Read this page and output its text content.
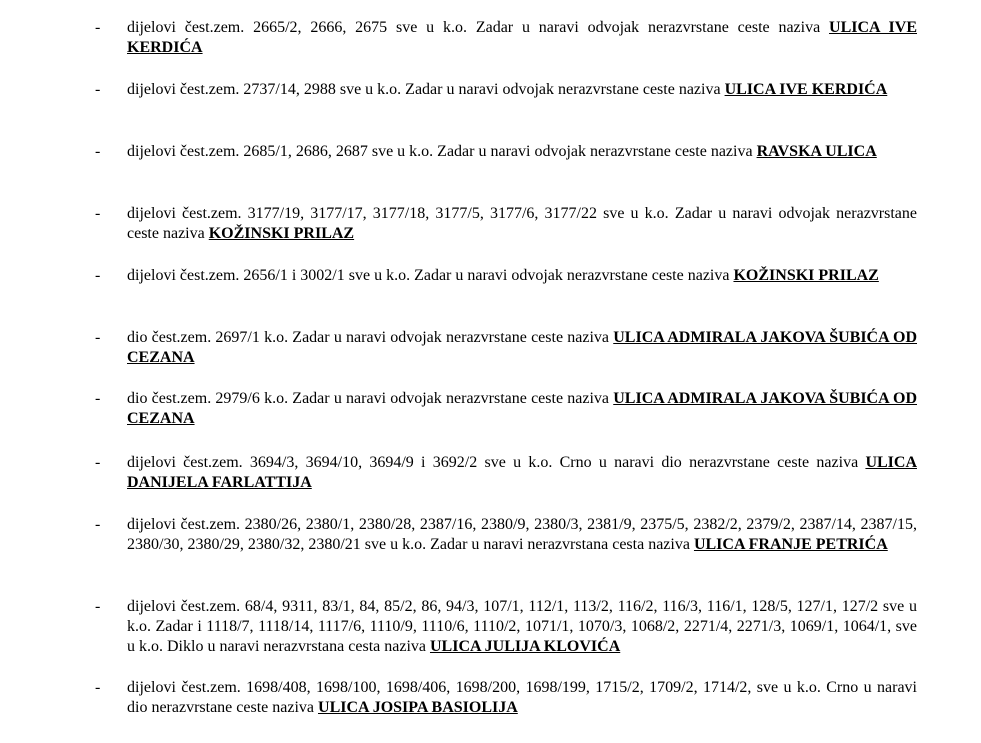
- dijelovi čest.zem. 2665/2, 2666, 2675 sve u k.o. Zadar u naravi odvojak nerazvrstane ceste naziva ULICA IVE KERDIĆA
- dijelovi čest.zem. 2737/14, 2988 sve u k.o. Zadar u naravi odvojak nerazvrstane ceste naziva ULICA IVE KERDIĆA
- dijelovi čest.zem. 2685/1, 2686, 2687 sve u k.o. Zadar u naravi odvojak nerazvrstane ceste naziva RAVSKA ULICA
- dijelovi čest.zem. 3177/19, 3177/17, 3177/18, 3177/5, 3177/6, 3177/22 sve u k.o. Zadar u naravi odvojak nerazvrstane ceste naziva KOŽINSKI PRILAZ
- dijelovi čest.zem. 2656/1 i 3002/1 sve u k.o. Zadar u naravi odvojak nerazvrstane ceste naziva KOŽINSKI PRILAZ
- dio čest.zem. 2697/1 k.o. Zadar u naravi odvojak nerazvrstane ceste naziva ULICA ADMIRALA JAKOVA ŠUBIĆA OD CEZANA
- dio čest.zem. 2979/6 k.o. Zadar u naravi odvojak nerazvrstane ceste naziva ULICA ADMIRALA JAKOVA ŠUBIĆA OD CEZANA
- dijelovi čest.zem. 3694/3, 3694/10, 3694/9 i 3692/2 sve u k.o. Crno u naravi dio nerazvrstane ceste naziva ULICA DANIJELA FARLATTIJA
- dijelovi čest.zem. 2380/26, 2380/1, 2380/28, 2387/16, 2380/9, 2380/3, 2381/9, 2375/5, 2382/2, 2379/2, 2387/14, 2387/15, 2380/30, 2380/29, 2380/32, 2380/21 sve u k.o. Zadar u naravi nerazvrstana cesta naziva ULICA FRANJE PETRIĆA
- dijelovi čest.zem. 68/4, 9311, 83/1, 84, 85/2, 86, 94/3, 107/1, 112/1, 113/2, 116/2, 116/3, 116/1, 128/5, 127/1, 127/2 sve u k.o. Zadar i 1118/7, 1118/14, 1117/6, 1110/9, 1110/6, 1110/2, 1071/1, 1070/3, 1068/2, 2271/4, 2271/3, 1069/1, 1064/1, sve u k.o. Diklo u naravi nerazvrstana cesta naziva ULICA JULIJA KLOVIĆA
- dijelovi čest.zem. 1698/408, 1698/100, 1698/406, 1698/200, 1698/199, 1715/2, 1709/2, 1714/2, sve u k.o. Crno u naravi dio nerazvrstane ceste naziva ULICA JOSIPA BASIOLIJA
